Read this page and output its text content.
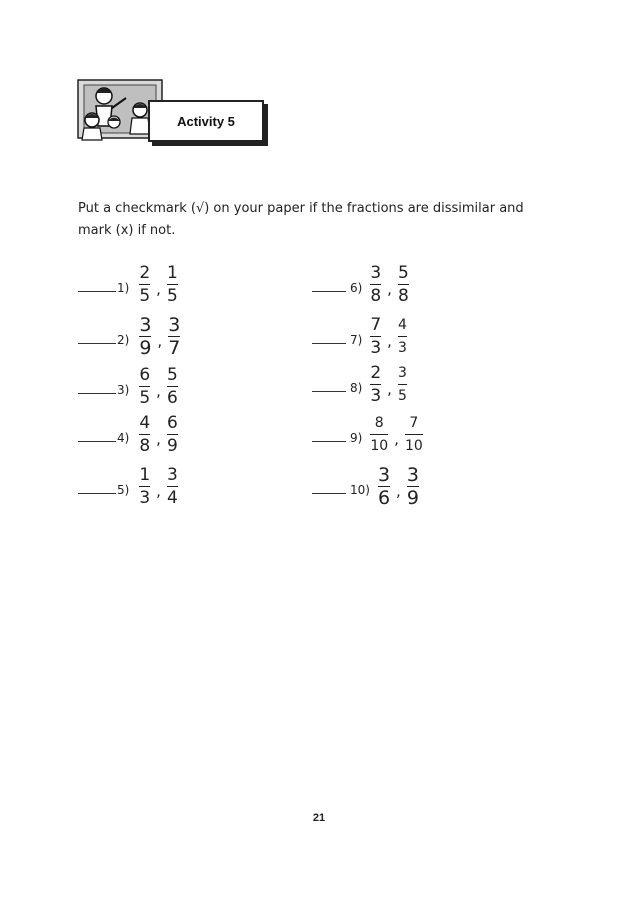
Activity 5
Put a checkmark (√) on your paper if the fractions are dissimilar and mark (x) if not.
$1) \frac{2}{5}$ , $\frac{1}{5}$
$2) \frac{3}{9}$ , $\frac{3}{7}$
$3) \frac{6}{5}$ , $\frac{5}{6}$
$4) \frac{4}{8}$ , $\frac{6}{9}$
$5) \frac{1}{3}$ , $\frac{3}{4}$
$6) \frac{3}{8}$ , $\frac{5}{8}$
$7) \frac{7}{3}$ , $\frac{4}{3}$
$8) \frac{2}{3}$ , $\frac{3}{5}$
$9) \frac{8}{10}$ , $\frac{7}{10}$
$10) \frac{3}{6}$ , $\frac{3}{9}$
21
